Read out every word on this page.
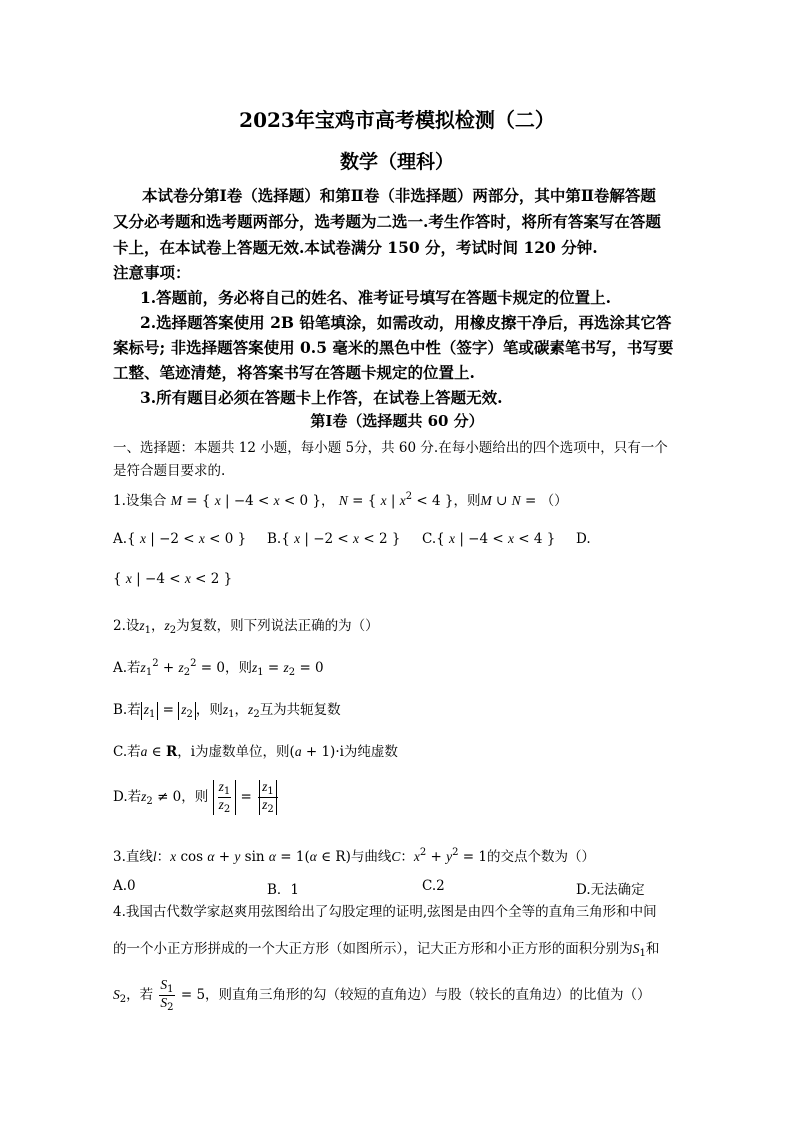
2023年宝鸡市高考模拟检测（二）
数学（理科）
本试卷分第Ⅰ卷（选择题）和第Ⅱ卷（非选择题）两部分，其中第Ⅱ卷解答题
又分必考题和选考题两部分，选考题为二选一.考生作答时，将所有答案写在答题
卡上，在本试卷上答题无效.本试卷满分 150 分，考试时间 120 分钟.
注意事项：
1.答题前，务必将自己的姓名、准考证号填写在答题卡规定的位置上.
2.选择题答案使用 2B 铅笔填涂，如需改动，用橡皮擦干净后，再选涂其它答
案标号; 非选择题答案使用 0.5 毫米的黑色中性（签字）笔或碳素笔书写，书写要
工整、笔迹清楚，将答案书写在答题卡规定的位置上.
3.所有题目必须在答题卡上作答，在试卷上答题无效.
第Ⅰ卷（选择题共 60 分）
一、选择题：本题共 12 小题，每小题 5分，共 60 分.在每小题给出的四个选项中，只有一个
是符合题目要求的.
1.设集合 M = { x | −4 < x < 0 }， N = { x | $x^2 < 4$ }，则M ∪ N = （）
A.{ x | −2 < x < 0 } B.{ x | −2 < x < 2 } C.{ x | −4 < x < 4 } D.
{ x | −4 < x < 2 }
2.设$z_1$，$z_2$为复数，则下列说法正确的为（）
A.若$z_1^2 + z_2^2 = 0$，则$z_1 = z_2 = 0$
B.若 $z_1 = z_2$ ，则$z_1$，$z_2$互为共轭复数
C.若a ∈ R，i为虚数单位，则(a + 1)·i为纯虚数
D.若$z_2 \ne 0$，则 $\frac{z_1}{z_2} = \frac{z_1}{z_2}$
3.直线l：x cos α + y sin α = 1(α ∈ R)与曲线C：$x^2 + y^2 = 1$的交点个数为（）
A.0	B．1	C.2	D.无法确定
4.我国古代数学家赵爽用弦图给出了勾股定理的证明,弦图是由四个全等的直角三角形和中间
的一个小正方形拼成的一个大正方形（如图所示），记大正方形和小正方形的面积分别为$S_1$和
$S_2$，若 $\frac{S_1}{S_2} = 5$，则直角三角形的勾（较短的直角边）与股（较长的直角边）的比值为（）
